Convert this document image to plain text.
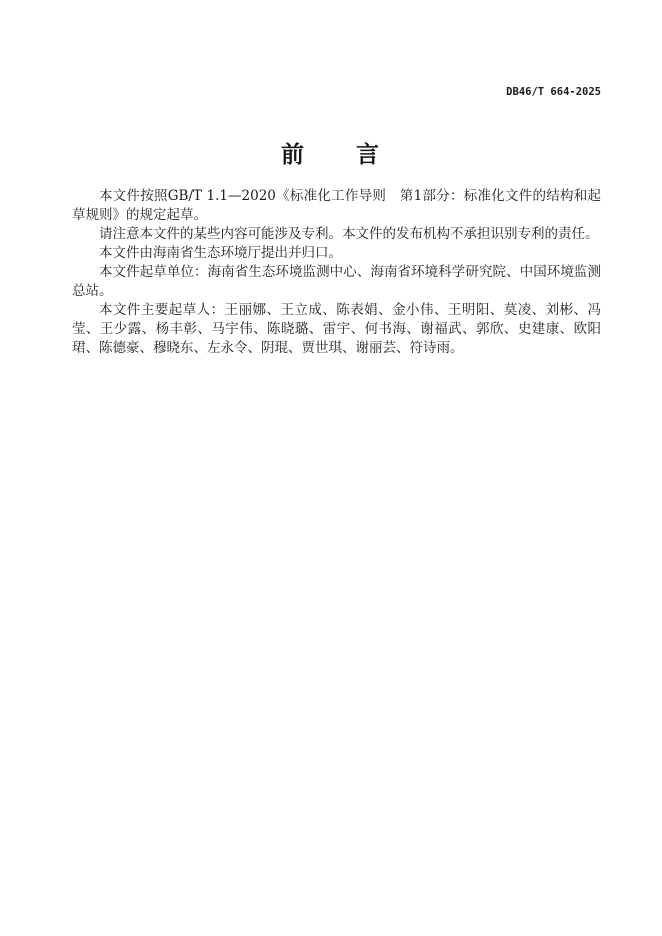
DB46/T 664-2025
前　　言

本文件按照GB/T 1.1—2020《标准化工作导则　第1部分：标准化文件的结构和起草规则》的规定起草。

请注意本文件的某些内容可能涉及专利。本文件的发布机构不承担识别专利的责任。

本文件由海南省生态环境厅提出并归口。

本文件起草单位：海南省生态环境监测中心、海南省环境科学研究院、中国环境监测总站。

本文件主要起草人：王丽娜、王立成、陈表娟、金小伟、王明阳、莫凌、刘彬、冯莹、王少露、杨丰彰、马宇伟、陈晓璐、雷宇、何书海、谢福武、郭欣、史建康、欧阳珺、陈德豪、穆晓东、左永令、阴琨、贾世琪、谢丽芸、符诗雨。
